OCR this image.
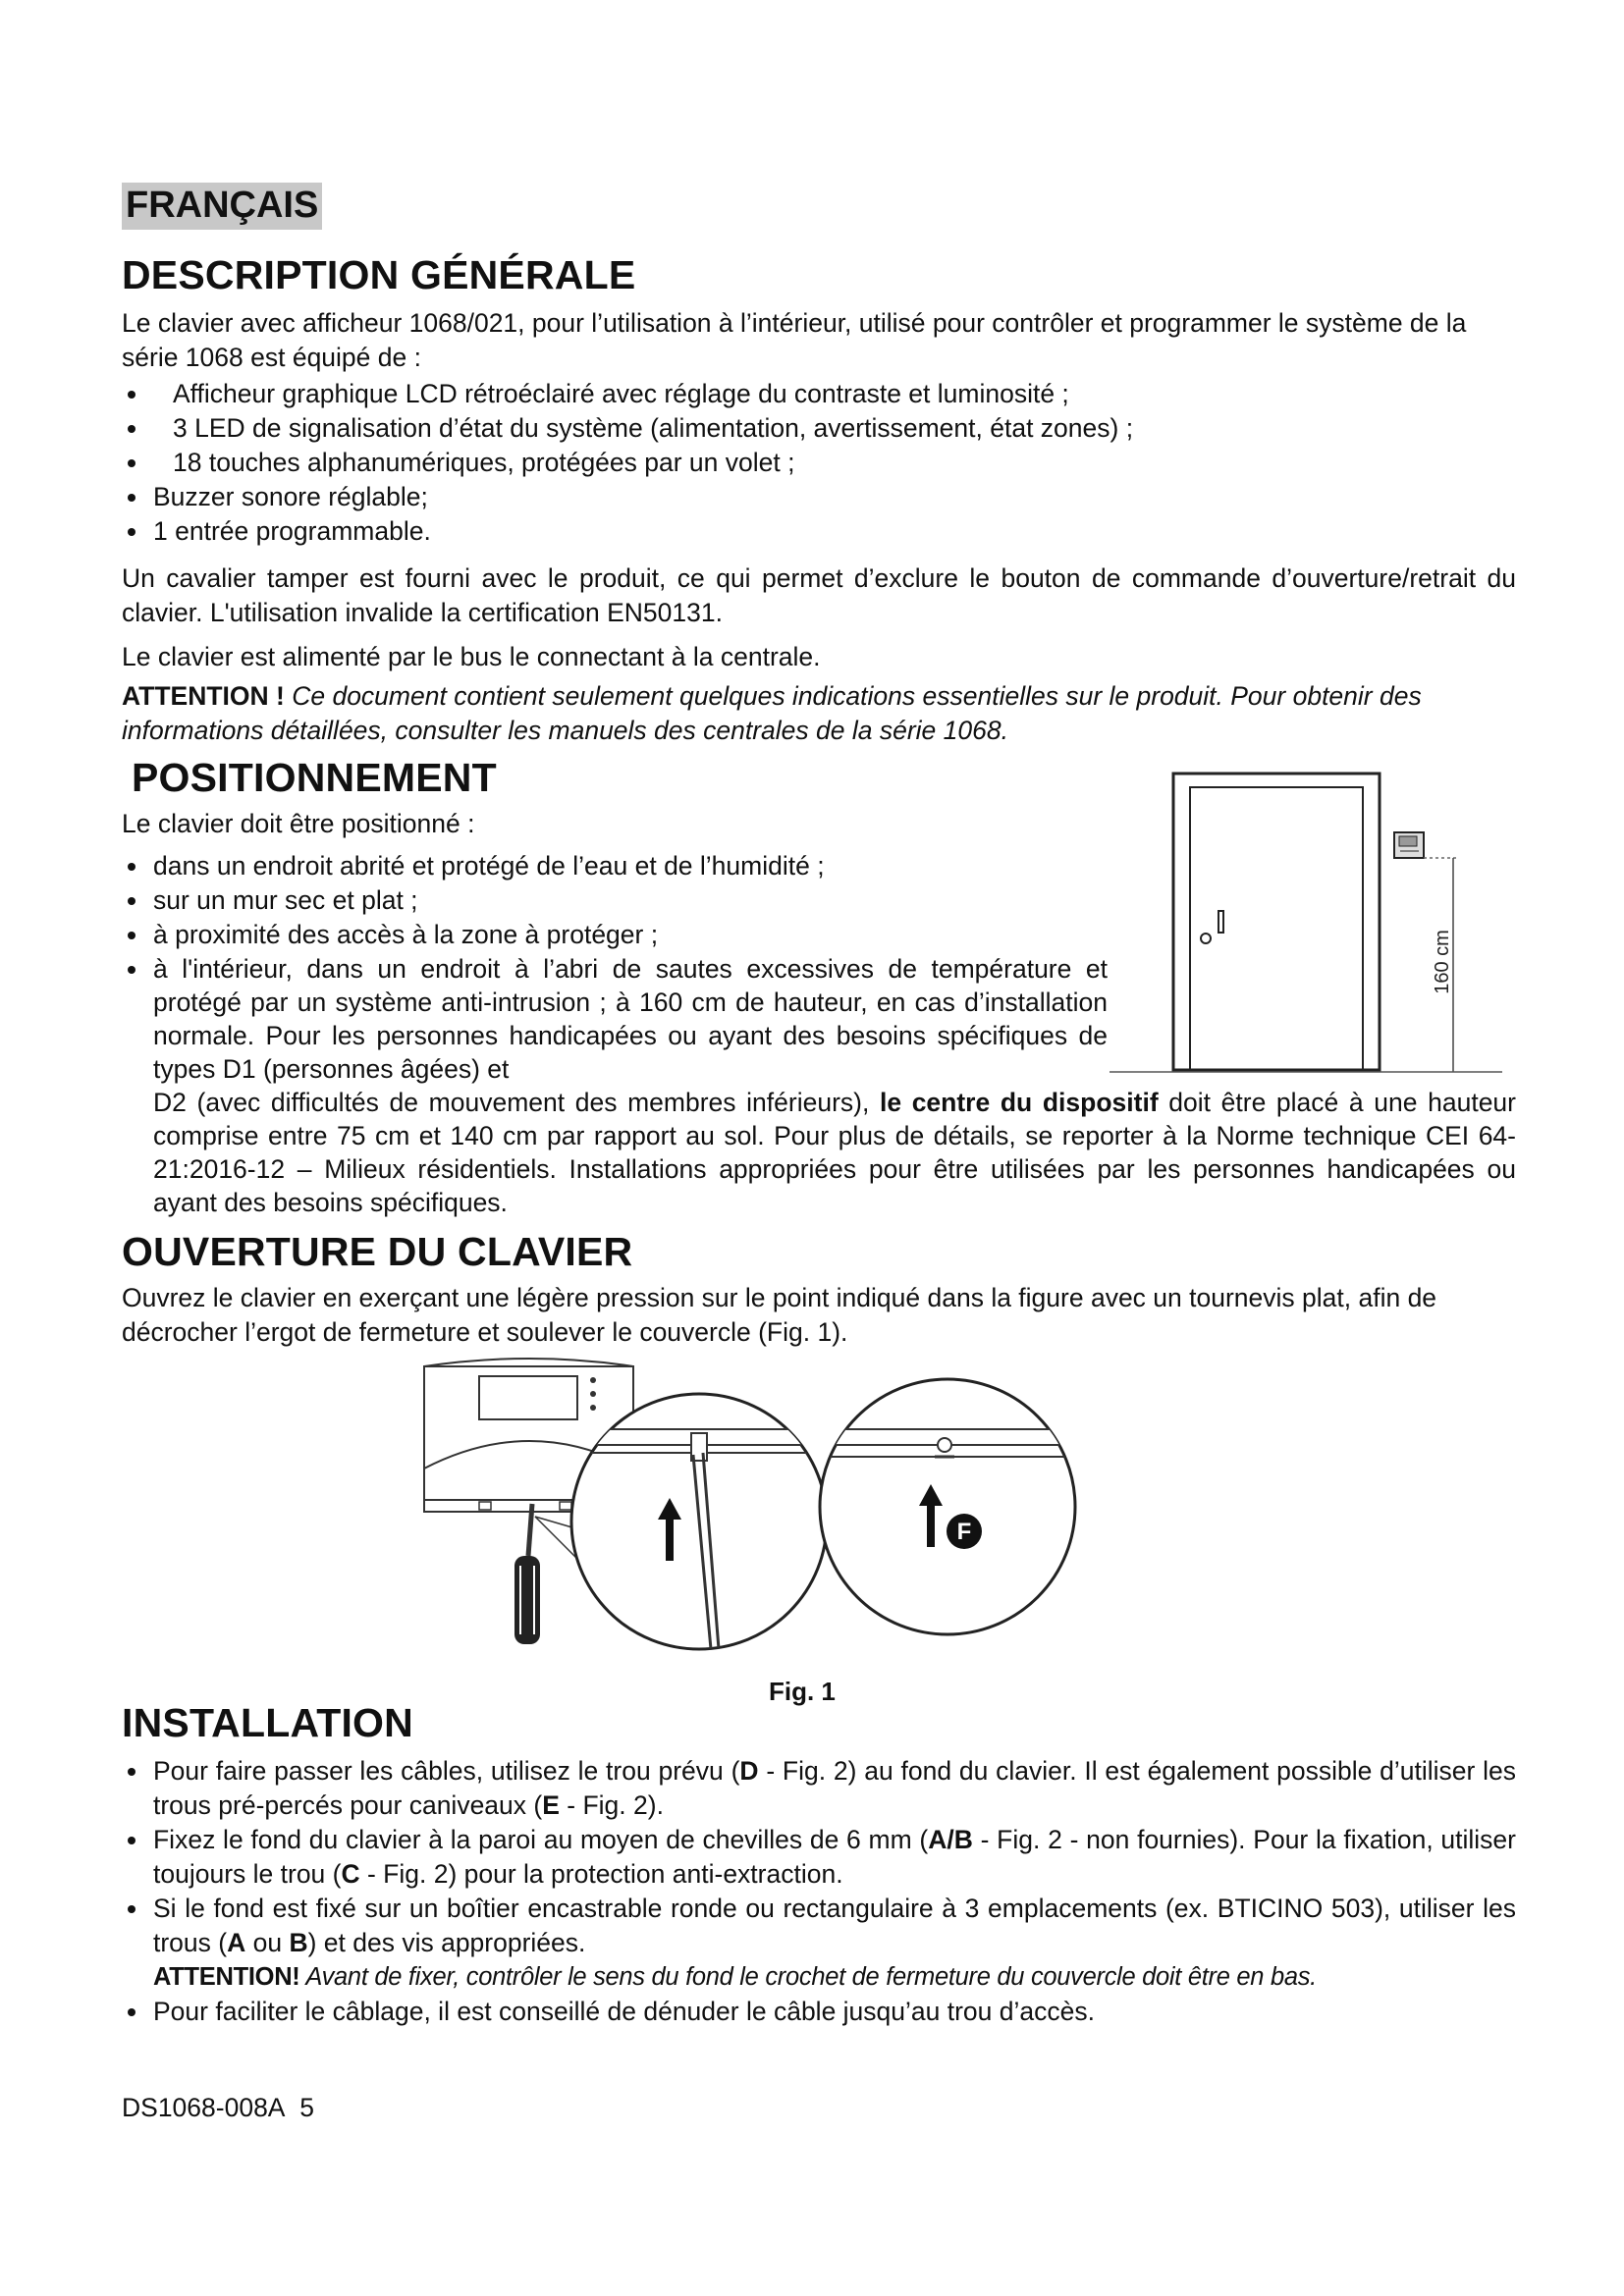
FRANÇAIS
DESCRIPTION GÉNÉRALE
Le clavier avec afficheur 1068/021, pour l’utilisation à l’intérieur, utilisé pour contrôler et programmer le système de la série 1068 est équipé de :
Afficheur graphique LCD rétroéclairé avec réglage du contraste et luminosité ;
3 LED de signalisation d’état du système (alimentation, avertissement, état zones) ;
18 touches alphanumériques, protégées par un volet ;
Buzzer sonore réglable;
1 entrée programmable.
Un cavalier tamper est fourni avec le produit, ce qui permet d’exclure le bouton de commande d’ouverture/retrait du clavier. L'utilisation invalide la certification EN50131.
Le clavier est alimenté par le bus le connectant à la centrale.
ATTENTION ! Ce document contient seulement quelques indications essentielles sur le produit. Pour obtenir des informations détaillées, consulter les manuels des centrales de la série 1068.
POSITIONNEMENT
Le clavier doit être positionné :
dans un endroit abrité et protégé de l’eau et de l’humidité ;
sur un mur sec et plat ;
à proximité des accès à la zone à protéger ;
à l'intérieur, dans un endroit à l’abri de sautes excessives de température et protégé par un système anti-intrusion ; à 160 cm de hauteur, en cas d’installation normale. Pour les personnes handicapées ou ayant des besoins spécifiques de types D1 (personnes âgées) et
D2 (avec difficultés de mouvement des membres inférieurs), le centre du dispositif doit être placé à une hauteur comprise entre 75 cm et 140 cm par rapport au sol. Pour plus de détails, se reporter à la Norme technique CEI 64-21:2016-12 – Milieux résidentiels. Installations appropriées pour être utilisées par les personnes handicapées ou ayant des besoins spécifiques.
160 cm
OUVERTURE DU CLAVIER
Ouvrez le clavier en exerçant une légère pression sur le point indiqué dans la figure avec un tournevis plat, afin de décrocher l’ergot de fermeture et soulever le couvercle (Fig. 1).
F
Fig. 1
INSTALLATION
Pour faire passer les câbles, utilisez le trou prévu (D - Fig. 2) au fond du clavier. Il est également possible d’utiliser les trous pré-percés pour caniveaux (E - Fig. 2).
Fixez le fond du clavier à la paroi au moyen de chevilles de 6 mm (A/B - Fig. 2 - non fournies). Pour la fixation, utiliser toujours le trou (C - Fig. 2) pour la protection anti-extraction.
Si le fond est fixé sur un boîtier encastrable ronde ou rectangulaire à 3 emplacements (ex. BTICINO 503), utiliser les trous (A ou B) et des vis appropriées.
ATTENTION! Avant de fixer, contrôler le sens du fond le crochet de fermeture du couvercle doit être en bas.
Pour faciliter le câblage, il est conseillé de dénuder le câble jusqu’au trou d’accès.
DS1068-008A 5
